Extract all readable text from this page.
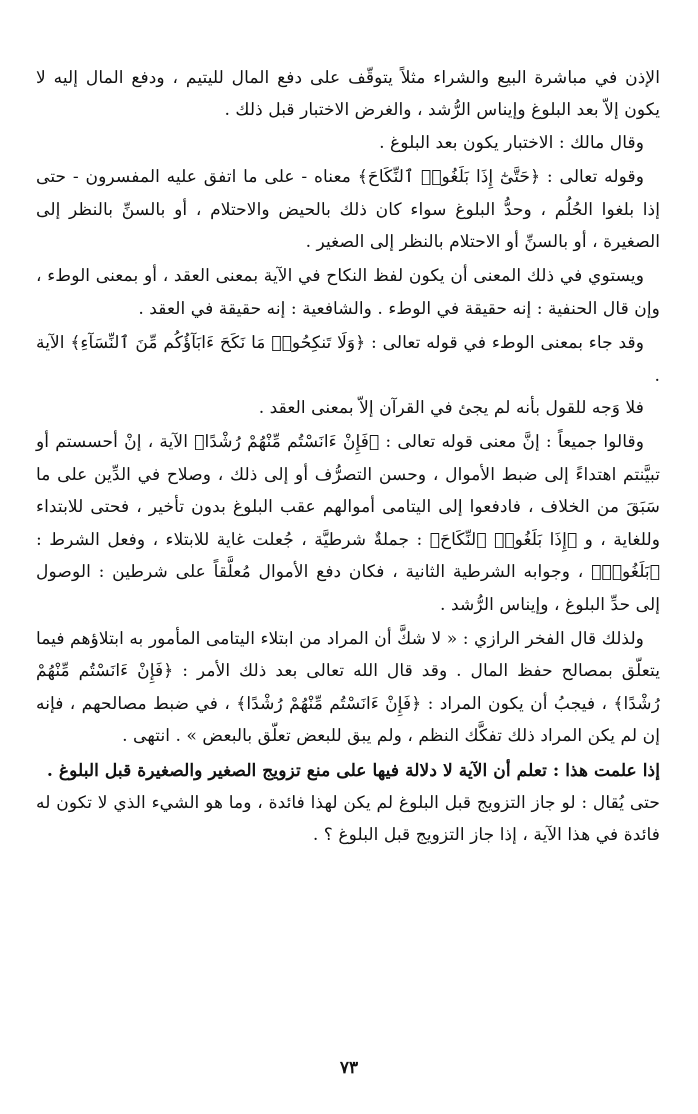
الإذن في مباشرة البيع والشراء مثلاً يتوقّف على دفع المال لليتيم ، ودفع المال إليه لا يكون إلاّ بعد البلوغ وإيناس الرُّشد ، والغرض الاختبار قبل ذلك .

وقال مالك : الاختبار يكون بعد البلوغ .

وقوله تعالى : ﴿حَتَّىٰٓ إِذَا بَلَغُوا۟ ٱلنِّكَاحَ﴾ معناه - على ما اتفق عليه المفسرون - حتى إذا بلغوا الحُلُم ، وحدُّ البلوغ سواء كان ذلك بالحيض والاحتلام ، أو بالسنِّ بالنظر إلى الصغيرة ، أو بالسنِّ أو الاحتلام بالنظر إلى الصغير .

ويستوي في ذلك المعنى أن يكون لفظ النكاح في الآية بمعنى العقد ، أو بمعنى الوطء ، وإن قال الحنفية : إنه حقيقة في الوطء . والشافعية : إنه حقيقة في العقد .

وقد جاء بمعنى الوطء في قوله تعالى : ﴿وَلَا تَنكِحُوا۟ مَا نَكَحَ ءَابَآؤُكُم مِّنَ ٱلنِّسَآءِ﴾ الآية .

فلا وَجه للقول بأنه لم يجئ في القرآن إلاّ بمعنى العقد .

وقالوا جميعاً : إنَّ معنى قوله تعالى : ﴿فَإِنْ ءَانَسْتُم مِّنْهُمْ رُشْدًا﴾ الآية ، إنْ أحسستم أو تبيَّنتم اهتداءً إلى ضبط الأموال ، وحسن التصرُّف أو إلى ذلك ، وصلاح في الدِّين على ما سَبَقَ من الخلاف ، فادفعوا إلى اليتامى أموالهم عقب البلوغ بدون تأخير ، فحتى للابتداء وللغاية ، و ﴿إِذَا بَلَغُوا۟ ٱلنِّكَاحَ﴾ : جملةٌ شرطيَّة ، جُعلت غاية للابتلاء ، وفعل الشرط : ﴿بَلَغُوا۟﴾ ، وجوابه الشرطية الثانية ، فكان دفع الأموال مُعلَّقاً على شرطين : الوصول إلى حدِّ البلوغ ، وإيناس الرُّشد .

ولذلك قال الفخر الرازي : « لا شكَّ أن المراد من ابتلاء اليتامى المأمور به ابتلاؤهم فيما يتعلّق بمصالح حفظ المال . وقد قال الله تعالى بعد ذلك الأمر : ﴿فَإِنْ ءَانَسْتُم مِّنْهُمْ رُشْدًا﴾ ، فيجبُ أن يكون المراد : ﴿فَإِنْ ءَانَسْتُم مِّنْهُمْ رُشْدًا﴾ ، في ضبط مصالحهم ، فإنه إن لم يكن المراد ذلك تفكَّك النظم ، ولم يبق للبعض تعلّق بالبعض » . انتهى .

إذا علمت هذا : تعلم أن الآية لا دلالة فيها على منع تزويج الصغير والصغيرة قبل البلوغ .

حتى يُقال : لو جاز التزويج قبل البلوغ لم يكن لهذا فائدة ، وما هو الشيء الذي لا تكون له فائدة في هذا الآية ، إذا جاز التزويج قبل البلوغ ؟ .

٧٣
